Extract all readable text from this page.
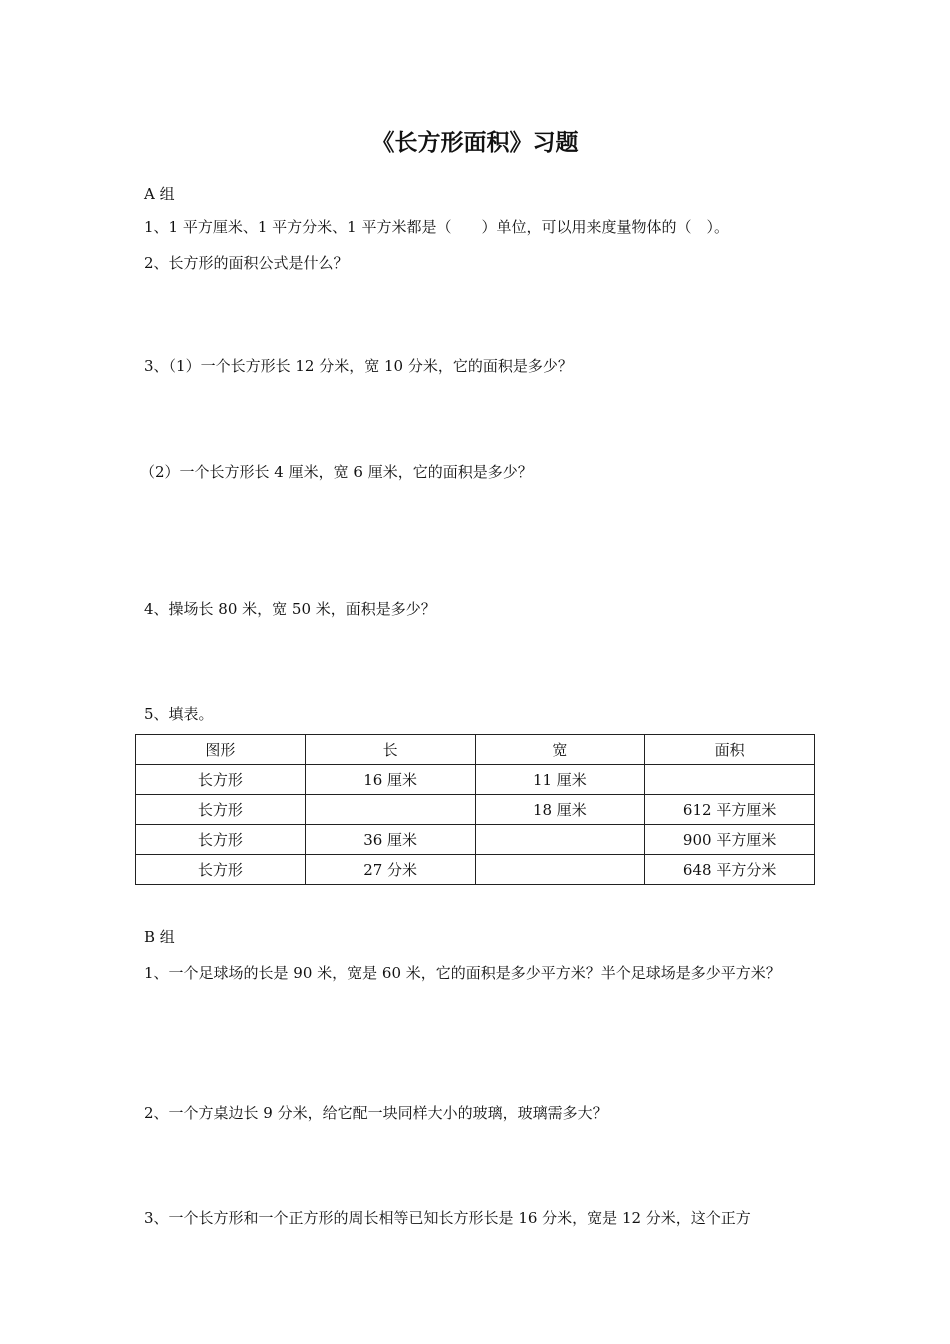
《长方形面积》习题
A 组
1、1 平方厘米、1 平方分米、1 平方米都是（　　）单位，可以用来度量物体的（　）。
2、长方形的面积公式是什么？
3、（1）一个长方形长 12 分米，宽 10 分米，它的面积是多少？
（2）一个长方形长 4 厘米，宽 6 厘米，它的面积是多少？
4、操场长 80 米，宽 50 米，面积是多少？
5、填表。
图形	长	宽	面积
长方形	16 厘米	11 厘米	
长方形		18 厘米	612 平方厘米
长方形	36 厘米		900 平方厘米
长方形	27 分米		648 平方分米
B 组
1、一个足球场的长是 90 米，宽是 60 米，它的面积是多少平方米？半个足球场是多少平方米？
2、一个方桌边长 9 分米，给它配一块同样大小的玻璃，玻璃需多大？
3、一个长方形和一个正方形的周长相等已知长方形长是 16 分米，宽是 12 分米，这个正方
